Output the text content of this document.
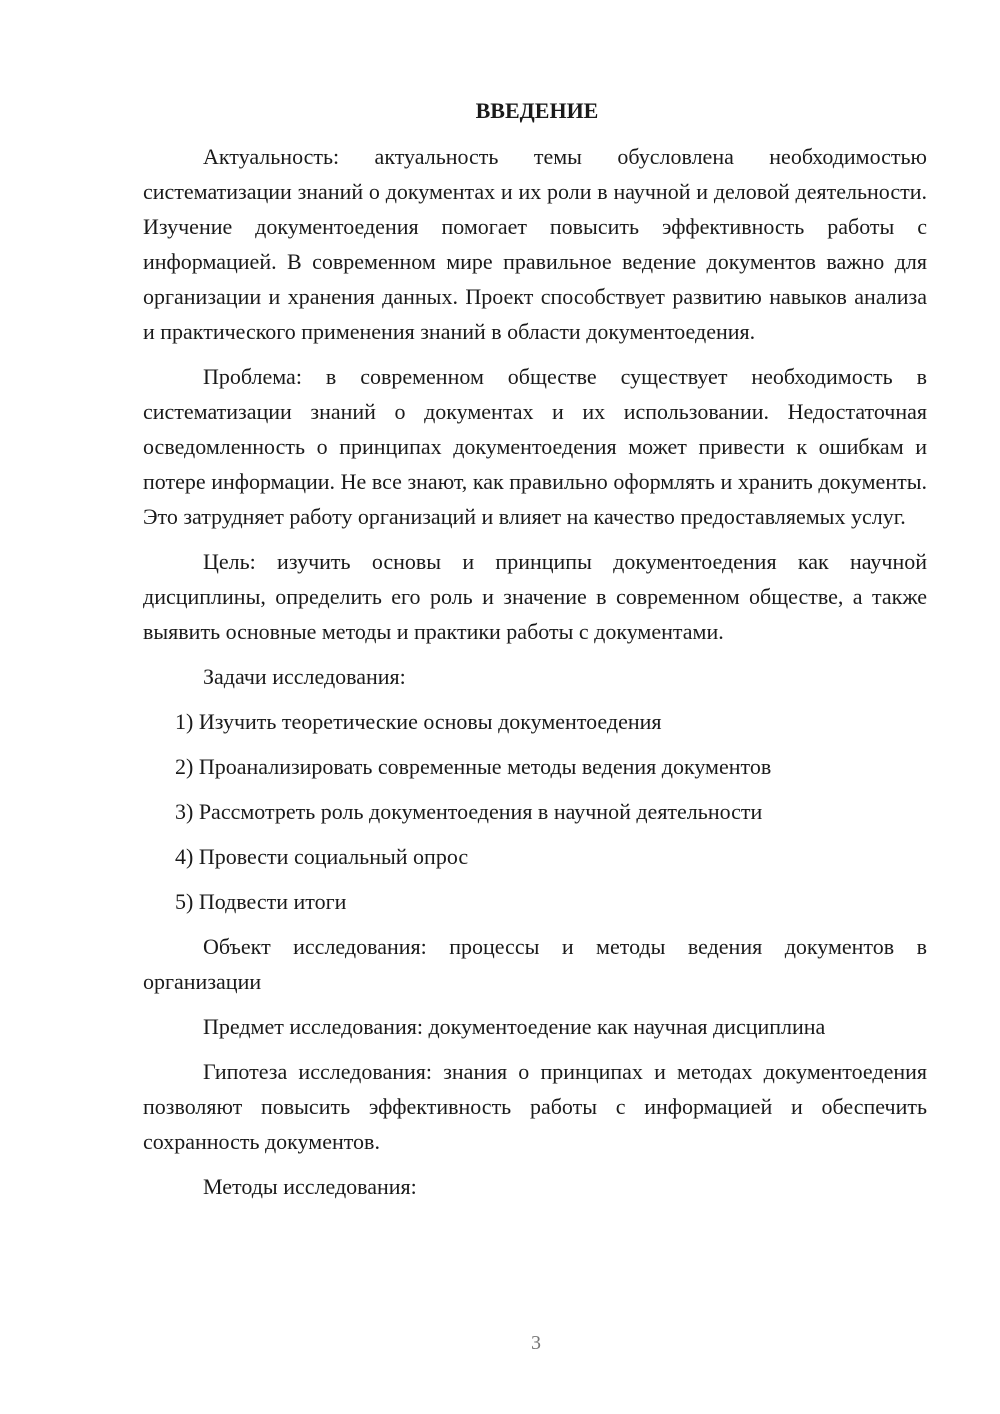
ВВЕДЕНИЕ

Актуальность: актуальность темы обусловлена необходимостью систематизации знаний о документах и их роли в научной и деловой деятельности. Изучение документоедения помогает повысить эффективность работы с информацией. В современном мире правильное ведение документов важно для организации и хранения данных. Проект способствует развитию навыков анализа и практического применения знаний в области документоедения.

Проблема: в современном обществе существует необходимость в систематизации знаний о документах и их использовании. Недостаточная осведомленность о принципах документоедения может привести к ошибкам и потере информации. Не все знают, как правильно оформлять и хранить документы. Это затрудняет работу организаций и влияет на качество предоставляемых услуг.

Цель: изучить основы и принципы документоедения как научной дисциплины, определить его роль и значение в современном обществе, а также выявить основные методы и практики работы с документами.

Задачи исследования:

1) Изучить теоретические основы документоедения
2) Проанализировать современные методы ведения документов
3) Рассмотреть роль документоедения в научной деятельности
4) Провести социальный опрос
5) Подвести итоги

Объект исследования: процессы и методы ведения документов в организации

Предмет исследования: документоедение как научная дисциплина

Гипотеза исследования: знания о принципах и методах документоедения позволяют повысить эффективность работы с информацией и обеспечить сохранность документов.

Методы исследования:

3
